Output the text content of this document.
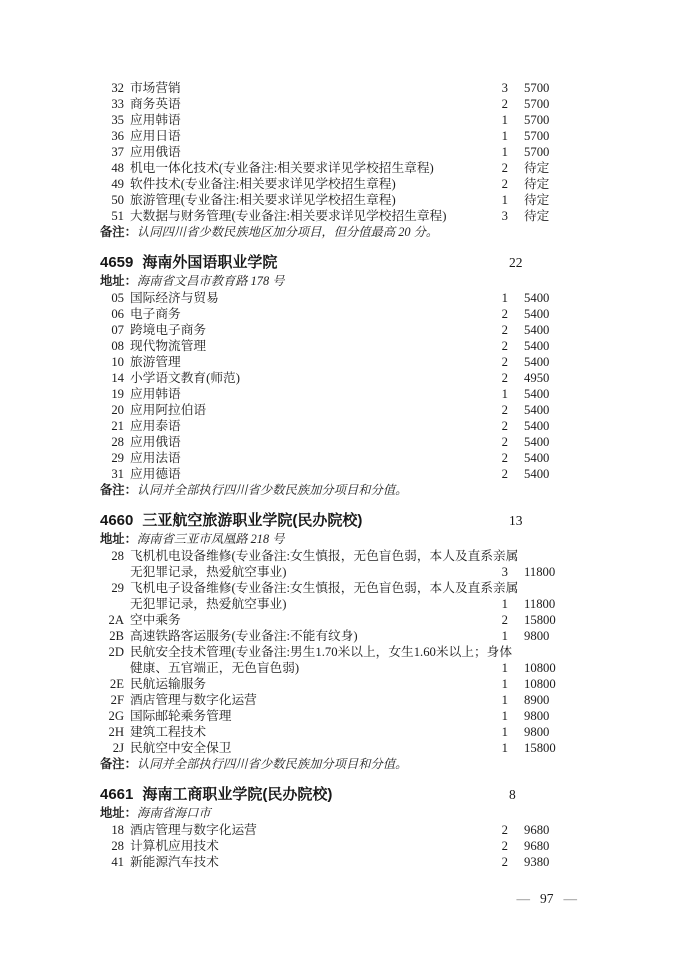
32 市场营销	3 5700
33 商务英语	2 5700
35 应用韩语	1 5700
36 应用日语	1 5700
37 应用俄语	1 5700
48 机电一体化技术(专业备注:相关要求详见学校招生章程)	2 待定
49 软件技术(专业备注:相关要求详见学校招生章程)	2 待定
50 旅游管理(专业备注:相关要求详见学校招生章程)	1 待定
51 大数据与财务管理(专业备注:相关要求详见学校招生章程)	3 待定
备注：认同四川省少数民族地区加分项目，但分值最高 20 分。
4659 海南外国语职业学院	22
地址：海南省文昌市教育路 178 号
05 国际经济与贸易	1 5400
06 电子商务	2 5400
07 跨境电子商务	2 5400
08 现代物流管理	2 5400
10 旅游管理	2 5400
14 小学语文教育(师范)	2 4950
19 应用韩语	1 5400
20 应用阿拉伯语	2 5400
21 应用泰语	2 5400
28 应用俄语	2 5400
29 应用法语	2 5400
31 应用德语	2 5400
备注：认同并全部执行四川省少数民族加分项目和分值。
4660 三亚航空旅游职业学院(民办院校)	13
地址：海南省三亚市凤凰路 218 号
28 飞机机电设备维修(专业备注:女生慎报，无色盲色弱，本人及直系亲属
无犯罪记录，热爱航空事业)	3 11800
29 飞机电子设备维修(专业备注:女生慎报，无色盲色弱，本人及直系亲属
无犯罪记录，热爱航空事业)	1 11800
2A 空中乘务	2 15800
2B 高速铁路客运服务(专业备注:不能有纹身)	1 9800
2D 民航安全技术管理(专业备注:男生1.70米以上，女生1.60米以上；身体
健康、五官端正，无色盲色弱)	1 10800
2E 民航运输服务	1 10800
2F 酒店管理与数字化运营	1 8900
2G 国际邮轮乘务管理	1 9800
2H 建筑工程技术	1 9800
2J 民航空中安全保卫	1 15800
备注：认同并全部执行四川省少数民族加分项目和分值。
4661 海南工商职业学院(民办院校)	8
地址：海南省海口市
18 酒店管理与数字化运营	2 9680
28 计算机应用技术	2 9680
41 新能源汽车技术	2 9380
— 97 —
